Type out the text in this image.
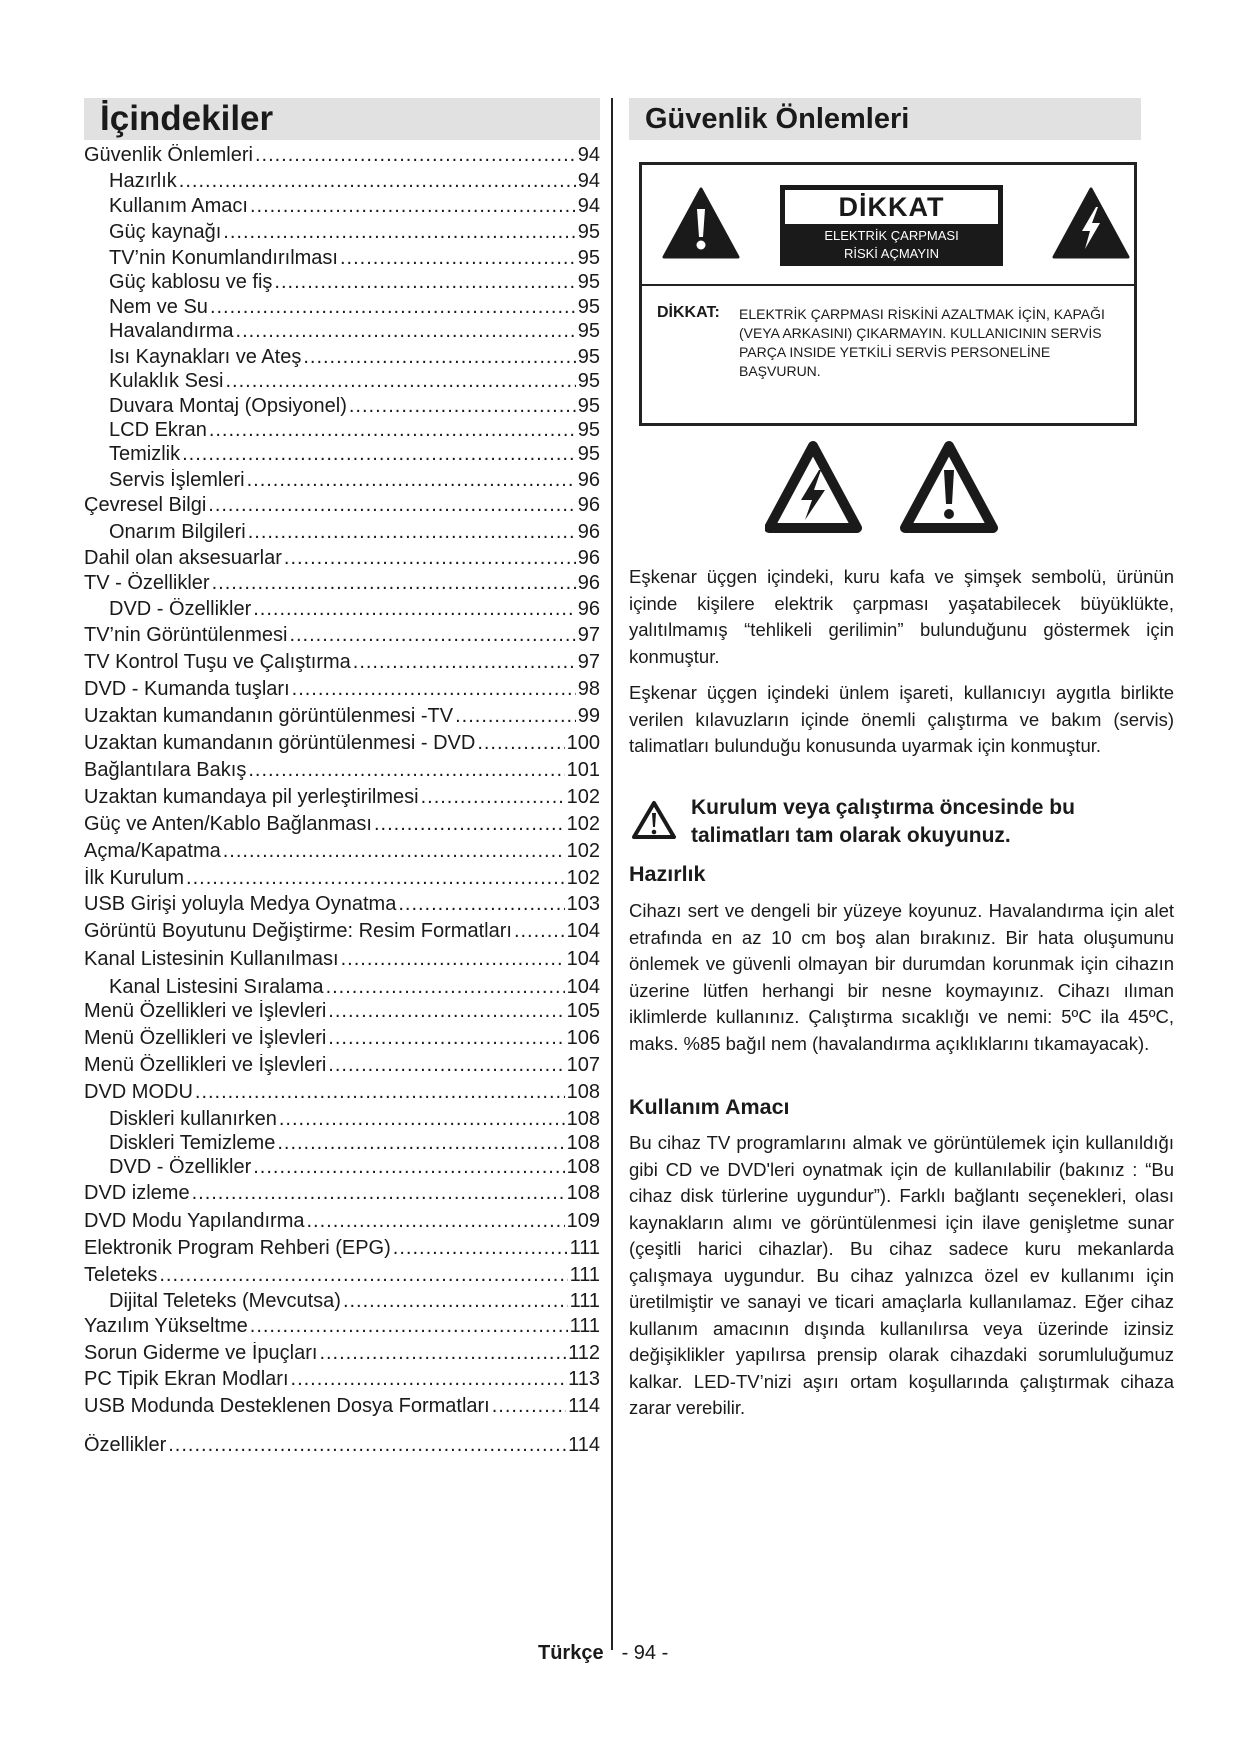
İçindekiler
Güvenlik Önlemleri .....	94
Hazırlık .....	94
Kullanım Amacı .....	94
Güç kaynağı .....	95
TV’nin Konumlandırılması .....	95
Güç kablosu ve fiş .....	95
Nem ve Su .....	95
Havalandırma .....	95
Isı Kaynakları ve Ateş .....	95
Kulaklık Sesi .....	95
Duvara Montaj (Opsiyonel) .....	95
LCD Ekran .....	95
Temizlik .....	95
Servis İşlemleri .....	96
Çevresel Bilgi .....	96
Onarım Bilgileri .....	96
Dahil olan aksesuarlar .....	96
TV - Özellikler .....	96
DVD - Özellikler .....	96
TV’nin Görüntülenmesi .....	97
TV Kontrol Tuşu ve Çalıştırma .....	97
DVD - Kumanda tuşları .....	98
Uzaktan kumandanın görüntülenmesi -TV .....	99
Uzaktan kumandanın görüntülenmesi - DVD .....	100
Bağlantılara Bakış .....	101
Uzaktan kumandaya pil yerleştirilmesi .....	102
Güç ve Anten/Kablo Bağlanması .....	102
Açma/Kapatma .....	102
İlk Kurulum .....	102
USB Girişi yoluyla Medya Oynatma .....	103
Görüntü Boyutunu Değiştirme: Resim Formatları .....	104
Kanal Listesinin Kullanılması .....	104
Kanal Listesini Sıralama .....	104
Menü Özellikleri ve İşlevleri .....	105
Menü Özellikleri ve İşlevleri .....	106
Menü Özellikleri ve İşlevleri .....	107
DVD MODU .....	108
Diskleri kullanırken .....	108
Diskleri Temizleme .....	108
DVD - Özellikler .....	108
DVD izleme .....	108
DVD Modu Yapılandırma .....	109
Elektronik Program Rehberi (EPG) .....	111
Teleteks .....	111
Dijital Teleteks (Mevcutsa) .....	111
Yazılım Yükseltme .....	111
Sorun Giderme ve İpuçları .....	112
PC Tipik Ekran Modları .....	113
USB Modunda Desteklenen Dosya Formatları .....	114
Özellikler .....	114
Güvenlik Önlemleri
DİKKAT
ELEKTRİK ÇARPMASI
RİSKİ AÇMAYIN
DİKKAT: ELEKTRİK ÇARPMASI RİSKİNİ AZALTMAK İÇİN, KAPAĞI (VEYA ARKASINI) ÇIKARMAYIN. KULLANICININ SERVİS PARÇA INSIDE YETKİLİ SERVİS PERSONELİNE BAŞVURUN.
Eşkenar üçgen içindeki, kuru kafa ve şimşek sembolü, ürünün içinde kişilere elektrik çarpması yaşatabilecek büyüklükte, yalıtılmamış “tehlikeli gerilimin” bulunduğunu göstermek için konmuştur.
Eşkenar üçgen içindeki ünlem işareti, kullanıcıyı aygıtla birlikte verilen kılavuzların içinde önemli çalıştırma ve bakım (servis) talimatları bulunduğu konusunda uyarmak için konmuştur.
Kurulum veya çalıştırma öncesinde bu talimatları tam olarak okuyunuz.
Hazırlık
Cihazı sert ve dengeli bir yüzeye koyunuz. Havalandırma için alet etrafında en az 10 cm boş alan bırakınız. Bir hata oluşumunu önlemek ve güvenli olmayan bir durumdan korunmak için cihazın üzerine lütfen herhangi bir nesne koymayınız. Cihazı ılıman iklimlerde kullanınız. Çalıştırma sıcaklığı ve nemi: 5ºC ila 45ºC, maks. %85 bağıl nem (havalandırma açıklıklarını tıkamayacak).
Kullanım Amacı
Bu cihaz TV programlarını almak ve görüntülemek için kullanıldığı gibi CD ve DVD'leri oynatmak için de kullanılabilir (bakınız : “Bu cihaz disk türlerine uygundur”). Farklı bağlantı seçenekleri, olası kaynakların alımı ve görüntülenmesi için ilave genişletme sunar (çeşitli harici cihazlar). Bu cihaz sadece kuru mekanlarda çalışmaya uygundur. Bu cihaz yalnızca özel ev kullanımı için üretilmiştir ve sanayi ve ticari amaçlarla kullanılamaz. Eğer cihaz kullanım amacının dışında kullanılırsa veya üzerinde izinsiz değişiklikler yapılırsa prensip olarak cihazdaki sorumluluğumuz kalkar. LED-TV’nizi aşırı ortam koşullarında çalıştırmak cihaza zarar verebilir.
Türkçe - 94 -
